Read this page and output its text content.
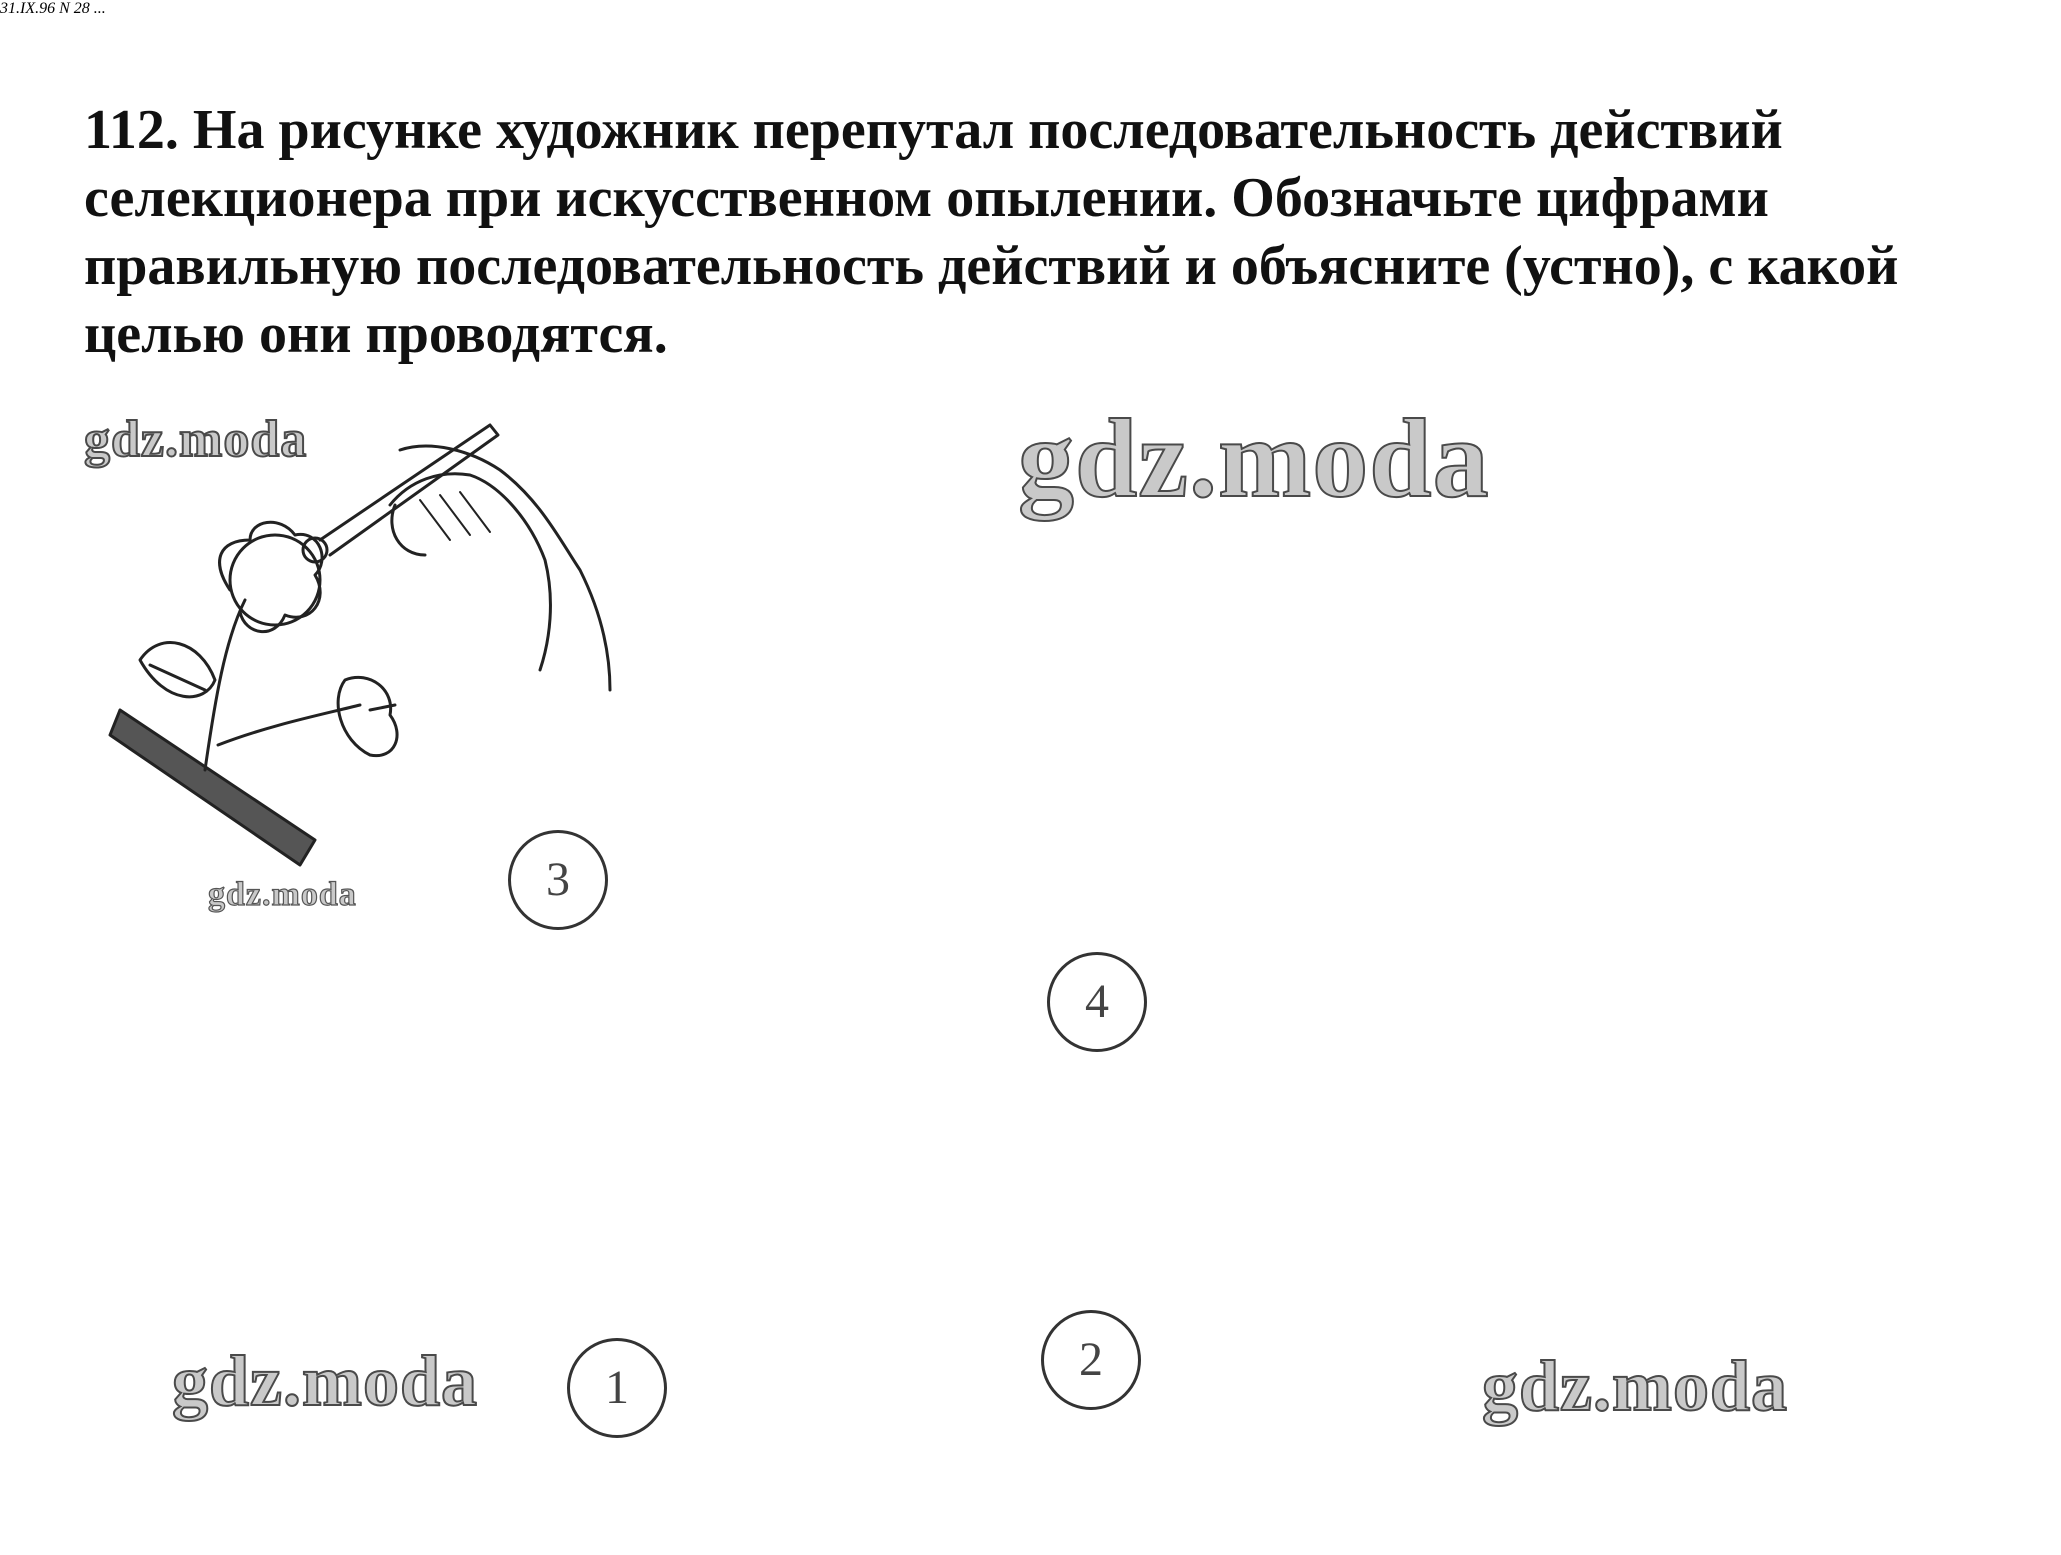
112. На рисунке художник перепутал последовательность действий селекционера при искусственном опылении. Обозначьте цифрами правильную последовательность действий и объясните (устно), с какой целью они проводятся.

31.IX.96 N 28 ...
3
4
1
2
gdz.moda	gdz.moda
gdz.moda
gdz.moda	gdz.moda
